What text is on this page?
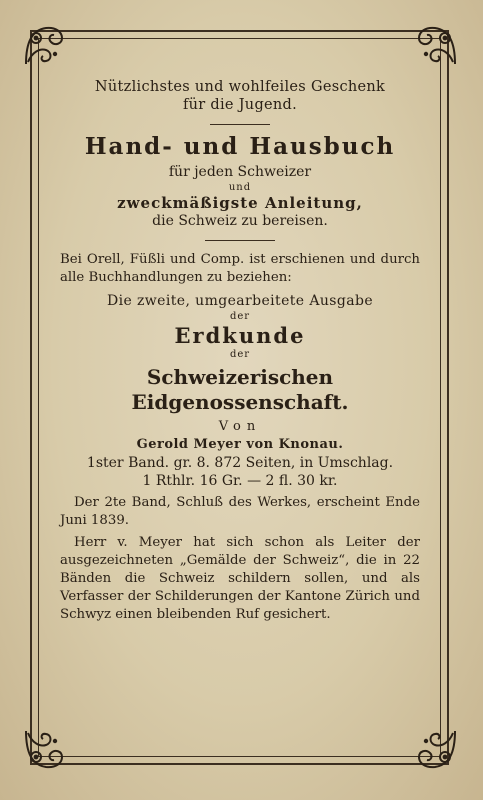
Nützlichstes und wohlfeiles Geschenk

für die Jugend.

Hand- und Hausbuch

für jeden Schweizer

und

zweckmäßigste Anleitung,

die Schweiz zu bereisen.

Bei Orell, Füßli und Comp. ist erschienen und durch alle Buchhandlungen zu beziehen:

Die zweite, umgearbeitete Ausgabe

der

Erdkunde

der

Schweizerischen Eidgenossenschaft.

Von

Gerold Meyer von Knonau.

1ster Band. gr. 8. 872 Seiten, in Umschlag.

1 Rthlr. 16 Gr. — 2 fl. 30 kr.

Der 2te Band, Schluß des Werkes, erscheint Ende Juni 1839.

Herr v. Meyer hat sich schon als Leiter der ausgezeichneten „Gemälde der Schweiz“, die in 22 Bänden die Schweiz schildern sollen, und als Verfasser der Schilderungen der Kantone Zürich und Schwyz einen bleibenden Ruf gesichert.
